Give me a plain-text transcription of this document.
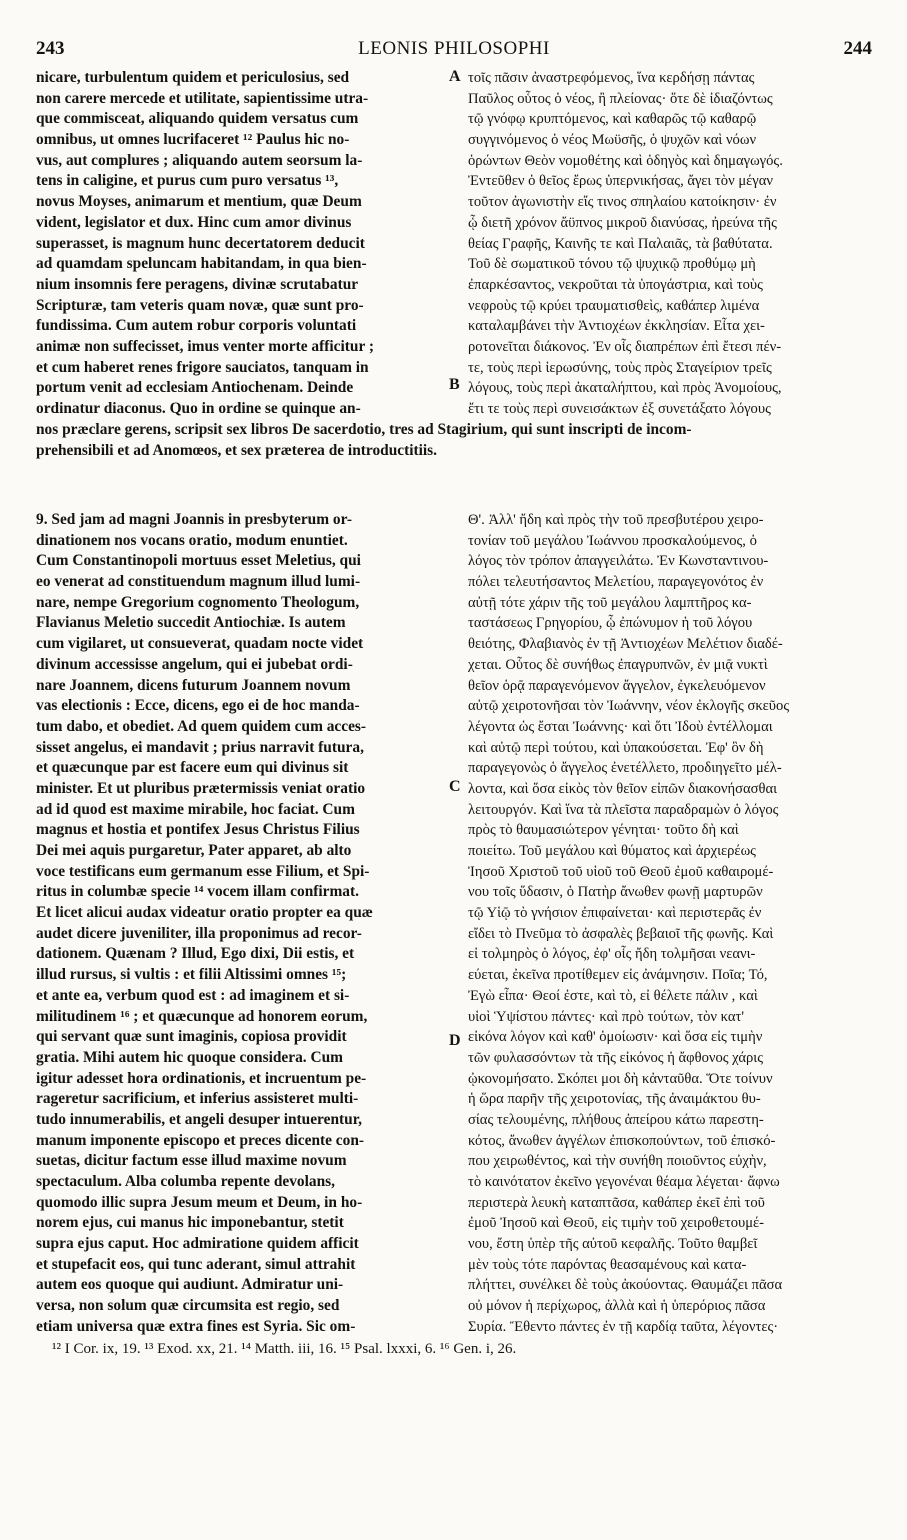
243	LEONIS PHILOSOPHI	244
nicare, turbulentum quidem et periculosius, sed
non carere mercede et utilitate, sapientissime utra-
que commisceat, aliquando quidem versatus cum
omnibus, ut omnes lucrifaceret ¹² Paulus hic no-
vus, aut complures ; aliquando autem seorsum la-
tens in caligine, et purus cum puro versatus ¹³,
novus Moyses, animarum et mentium, quæ Deum
vident, legislator et dux. Hinc cum amor divinus
superasset, is magnum hunc decertatorem deducit
ad quamdam speluncam habitandam, in qua bien-
nium insomnis fere peragens, divinæ scrutabatur
Scripturæ, tam veteris quam novæ, quæ sunt pro-
fundissima. Cum autem robur corporis voluntati
animæ non suffecisset, imus venter morte afficitur ;
et cum haberet renes frigore sauciatos, tanquam in
portum venit ad ecclesiam Antiochenam. Deinde
ordinatur diaconus. Quo in ordine se quinque an-
τοῖς πᾶσιν ἀναστρεφόμενος, ἵνα κερδήσῃ πάντας
Παῦλος οὗτος ὁ νέος, ἢ πλείονας· ὅτε δὲ ἰδιαζόντως
τῷ γνόφῳ κρυπτόμενος, καὶ καθαρῶς τῷ καθαρῷ
συγγινόμενος ὁ νέος Μωϋσῆς, ὁ ψυχῶν καὶ νόων
ὁρώντων Θεὸν νομοθέτης καὶ ὁδηγὸς καὶ δημαγωγός.
Ἐντεῦθεν ὁ θεῖος ἔρως ὑπερνικήσας, ἄγει τὸν μέγαν
τοῦτον ἀγωνιστὴν εἴς τινος σπηλαίου κατοίκησιν· ἐν
ᾧ διετῆ χρόνον ἄϋπνος μικροῦ διανύσας, ἠρεύνα τῆς
θείας Γραφῆς, Καινῆς τε καὶ Παλαιᾶς, τὰ βαθύτατα.
Τοῦ δὲ σωματικοῦ τόνου τῷ ψυχικῷ προθύμῳ μὴ
ἐπαρκέσαντος, νεκροῦται τὰ ὑπογάστρια, καὶ τοὺς
νεφροὺς τῷ κρύει τραυματισθεὶς, καθάπερ λιμένα
καταλαμβάνει τὴν Ἀντιοχέων ἐκκλησίαν. Εἶτα χει-
ροτονεῖται διάκονος. Ἐν οἷς διαπρέπων ἐπὶ ἔτεσι πέν-
τε, τοὺς περὶ ἱερωσύνης, τοὺς πρὸς Σταγείριον τρεῖς
λόγους, τοὺς περὶ ἀκαταλήπτου, καὶ πρὸς Ἀνομοίους,
ἔτι τε τοὺς περὶ συνεισάκτων ἐξ συνετάξατο λόγους
nos præclare gerens, scripsit sex libros De sacerdotio, tres ad Stagirium, qui sunt inscripti de incom-
prehensibili et ad Anomœos, et sex præterea de introductitiis.
9. Sed jam ad magni Joannis in presbyterum or-
dinationem nos vocans oratio, modum enuntiet.
Cum Constantinopoli mortuus esset Meletius, qui
eo venerat ad constituendum magnum illud lumi-
nare, nempe Gregorium cognomento Theologum,
Flavianus Meletio succedit Antiochiæ. Is autem
cum vigilaret, ut consueverat, quadam nocte videt
divinum accessisse angelum, qui ei jubebat ordi-
nare Joannem, dicens futurum Joannem novum
vas electionis : Ecce, dicens, ego ei de hoc manda-
tum dabo, et obediet. Ad quem quidem cum acces-
sisset angelus, ei mandavit ; prius narravit futura,
et quæcunque par est facere eum qui divinus sit
minister. Et ut pluribus prætermissis veniat oratio
ad id quod est maxime mirabile, hoc faciat. Cum
magnus et hostia et pontifex Jesus Christus Filius
Dei mei aquis purgaretur, Pater apparet, ab alto
voce testificans eum germanum esse Filium, et Spi-
ritus in columbæ specie ¹⁴ vocem illam confirmat.
Et licet alicui audax videatur oratio propter ea quæ
audet dicere juveniliter, illa proponimus ad recor-
dationem. Quænam ? Illud, Ego dixi, Dii estis, et
illud rursus, si vultis : et filii Altissimi omnes ¹⁵;
et ante ea, verbum quod est : ad imaginem et si-
militudinem ¹⁶ ; et quæcunque ad honorem eorum,
qui servant quæ sunt imaginis, copiosa providit
gratia. Mihi autem hic quoque considera. Cum
igitur adesset hora ordinationis, et incruentum pe-
rageretur sacrificium, et inferius assisteret multi-
tudo innumerabilis, et angeli desuper intuerentur,
manum imponente episcopo et preces dicente con-
suetas, dicitur factum esse illud maxime novum
spectaculum. Alba columba repente devolans,
quomodo illic supra Jesum meum et Deum, in ho-
norem ejus, cui manus hic imponebantur, stetit
supra ejus caput. Hoc admiratione quidem afficit
et stupefacit eos, qui tunc aderant, simul attrahit
autem eos quoque qui audiunt. Admiratur uni-
versa, non solum quæ circumsita est regio, sed
etiam universa quæ extra fines est Syria. Sic om-
Θ'. Ἀλλ' ἤδη καὶ πρὸς τὴν τοῦ πρεσβυτέρου χειρο-
τονίαν τοῦ μεγάλου Ἰωάννου προσκαλούμενος, ὁ
λόγος τὸν τρόπον ἀπαγγειλάτω. Ἐν Κωνσταντινου-
πόλει τελευτήσαντος Μελετίου, παραγεγονότος ἐν
αὐτῇ τότε χάριν τῆς τοῦ μεγάλου λαμπτῆρος κα-
ταστάσεως Γρηγορίου, ᾧ ἐπώνυμον ἡ τοῦ λόγου
θειότης, Φλαβιανὸς ἐν τῇ Ἀντιοχέων Μελέτιον διαδέ-
χεται. Οὗτος δὲ συνήθως ἐπαγρυπνῶν, ἐν μιᾷ νυκτὶ
θεῖον ὁρᾷ παραγενόμενον ἄγγελον, ἐγκελευόμενον
αὐτῷ χειροτονῆσαι τὸν Ἰωάννην, νέον ἐκλογῆς σκεῦος
λέγοντα ὡς ἔσται Ἰωάννης· καὶ ὅτι Ἰδοὺ ἐντέλλομαι
καὶ αὐτῷ περὶ τούτου, καὶ ὑπακούσεται. Ἐφ' ὃν δὴ
παραγεγονὼς ὁ ἄγγελος ἐνετέλλετο, προδιηγεῖτο μέλ-
λοντα, καὶ ὅσα εἰκὸς τὸν θεῖον εἰπῶν διακονήσασθαι
λειτουργόν. Καὶ ἵνα τὰ πλεῖστα παραδραμὼν ὁ λόγος
πρὸς τὸ θαυμασιώτερον γένηται· τοῦτο δὴ καὶ
ποιείτω. Τοῦ μεγάλου καὶ θύματος καὶ ἀρχιερέως
Ἰησοῦ Χριστοῦ τοῦ υἱοῦ τοῦ Θεοῦ ἐμοῦ καθαιρομέ-
νου τοῖς ὕδασιν, ὁ Πατὴρ ἄνωθεν φωνῇ μαρτυρῶν
τῷ Υἱῷ τὸ γνήσιον ἐπιφαίνεται· καὶ περιστερᾶς ἐν
εἴδει τὸ Πνεῦμα τὸ ἀσφαλὲς βεβαιοῖ τῆς φωνῆς. Καὶ
εἰ τολμηρὸς ὁ λόγος, ἐφ' οἷς ἤδη τολμῆσαι νεανι-
εύεται, ἐκεῖνα προτίθεμεν εἰς ἀνάμνησιν. Ποῖα; Τό,
Ἐγὼ εἶπα· Θεοί ἐστε, καὶ τὸ, εἰ θέλετε πάλιν , καὶ
υἱοὶ Ὑψίστου πάντες· καὶ πρὸ τούτων, τὸν κατ'
εἰκόνα λόγον καὶ καθ' ὁμοίωσιν· καὶ ὅσα εἰς τιμὴν
τῶν φυλασσόντων τὰ τῆς εἰκόνος ἡ ἄφθονος χάρις
ᾠκονομήσατο. Σκόπει μοι δὴ κἀνταῦθα. Ὅτε τοίνυν
ἡ ὥρα παρῆν τῆς χειροτονίας, τῆς ἀναιμάκτου θυ-
σίας τελουμένης, πλήθους ἀπείρου κάτω παρεστη-
κότος, ἄνωθεν ἀγγέλων ἐπισκοπούντων, τοῦ ἐπισκό-
που χειρωθέντος, καὶ τὴν συνήθη ποιοῦντος εὐχὴν,
τὸ καινότατον ἐκεῖνο γεγονέναι θέαμα λέγεται· ἄφνω
περιστερὰ λευκὴ καταπτᾶσα, καθάπερ ἐκεῖ ἐπὶ τοῦ
ἐμοῦ Ἰησοῦ καὶ Θεοῦ, εἰς τιμὴν τοῦ χειροθετουμέ-
νου, ἔστη ὑπὲρ τῆς αὐτοῦ κεφαλῆς. Τοῦτο θαμβεῖ
μὲν τοὺς τότε παρόντας θεασαμένους καὶ κατα-
πλήττει, συνέλκει δὲ τοὺς ἀκούοντας. Θαυμάζει πᾶσα
οὐ μόνον ἡ περίχωρος, ἀλλὰ καὶ ἡ ὑπερόριος πᾶσα
Συρία. Ἔθεντο πάντες ἐν τῇ καρδίᾳ ταῦτα, λέγοντες·
A
B
C
D
¹² I Cor. ix, 19. ¹³ Exod. xx, 21. ¹⁴ Matth. iii, 16. ¹⁵ Psal. lxxxi, 6. ¹⁶ Gen. i, 26.
